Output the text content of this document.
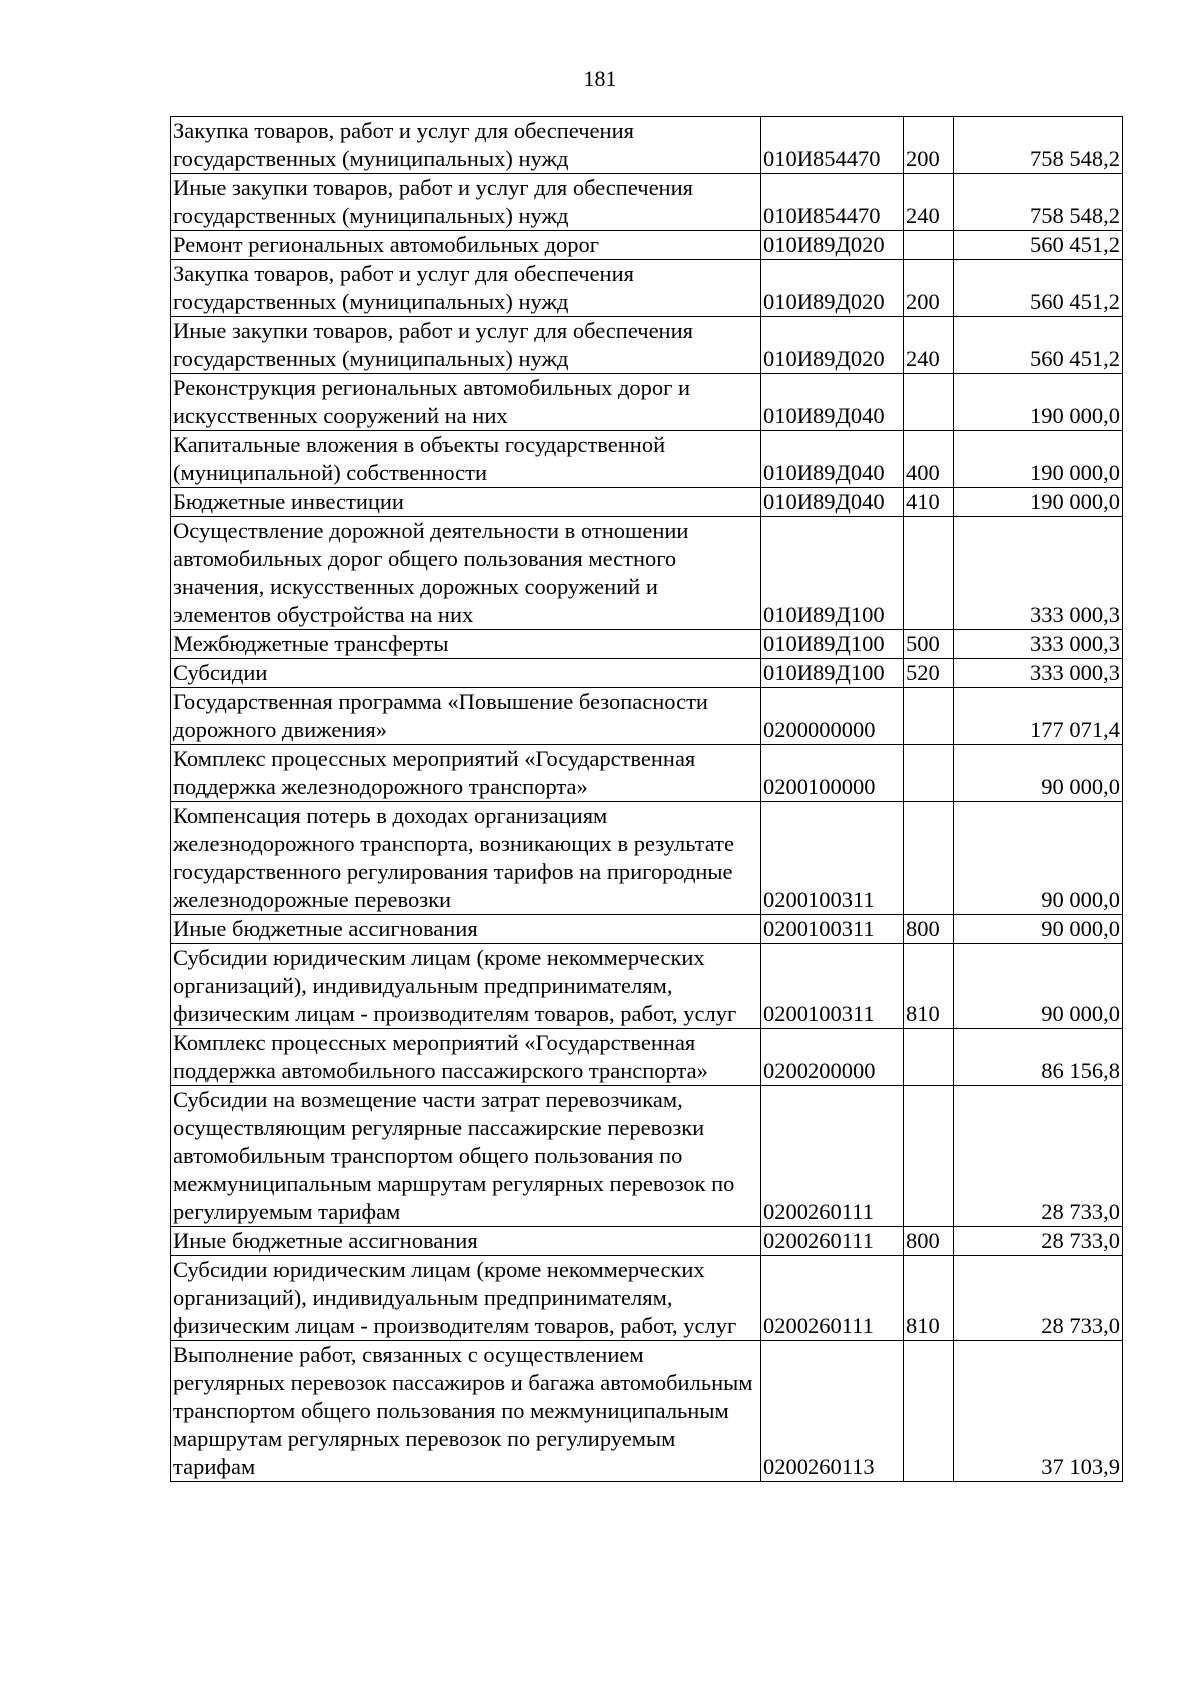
181
Закупка товаров, работ и услуг для обеспечения государственных (муниципальных) нужд	010И854470	200	758 548,2
Иные закупки товаров, работ и услуг для обеспечения государственных (муниципальных) нужд	010И854470	240	758 548,2
Ремонт региональных автомобильных дорог	010И89Д020		560 451,2
Закупка товаров, работ и услуг для обеспечения государственных (муниципальных) нужд	010И89Д020	200	560 451,2
Иные закупки товаров, работ и услуг для обеспечения государственных (муниципальных) нужд	010И89Д020	240	560 451,2
Реконструкция региональных автомобильных дорог и искусственных сооружений на них	010И89Д040		190 000,0
Капитальные вложения в объекты государственной (муниципальной) собственности	010И89Д040	400	190 000,0
Бюджетные инвестиции	010И89Д040	410	190 000,0
Осуществление дорожной деятельности в отношении автомобильных дорог общего пользования местного значения, искусственных дорожных сооружений и элементов обустройства на них	010И89Д100		333 000,3
Межбюджетные трансферты	010И89Д100	500	333 000,3
Субсидии	010И89Д100	520	333 000,3
Государственная программа «Повышение безопасности дорожного движения»	0200000000		177 071,4
Комплекс процессных мероприятий «Государственная поддержка железнодорожного транспорта»	0200100000		90 000,0
Компенсация потерь в доходах организациям железнодорожного транспорта, возникающих в результате государственного регулирования тарифов на пригородные железнодорожные перевозки	0200100311		90 000,0
Иные бюджетные ассигнования	0200100311	800	90 000,0
Субсидии юридическим лицам (кроме некоммерческих организаций), индивидуальным предпринимателям, физическим лицам - производителям товаров, работ, услуг	0200100311	810	90 000,0
Комплекс процессных мероприятий «Государственная поддержка автомобильного пассажирского транспорта»	0200200000		86 156,8
Субсидии на возмещение части затрат перевозчикам, осуществляющим регулярные пассажирские перевозки автомобильным транспортом общего пользования по межмуниципальным маршрутам регулярных перевозок по регулируемым тарифам	0200260111		28 733,0
Иные бюджетные ассигнования	0200260111	800	28 733,0
Субсидии юридическим лицам (кроме некоммерческих организаций), индивидуальным предпринимателям, физическим лицам - производителям товаров, работ, услуг	0200260111	810	28 733,0
Выполнение работ, связанных с осуществлением регулярных перевозок пассажиров и багажа автомобильным транспортом общего пользования по межмуниципальным маршрутам регулярных перевозок по регулируемым тарифам	0200260113		37 103,9
